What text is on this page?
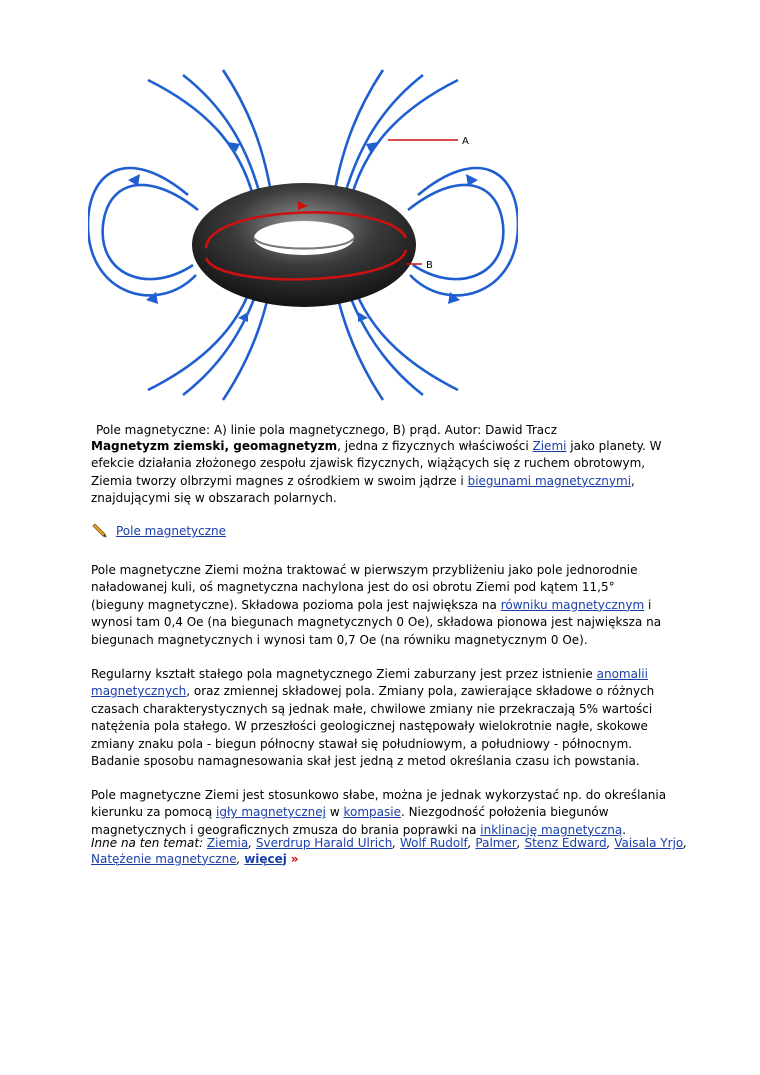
A
B
Pole magnetyczne: A) linie pola magnetycznego, B) prąd. Autor: Dawid Tracz

Magnetyzm ziemski, geomagnetyzm, jedna z fizycznych właściwości Ziemi jako planety. W efekcie działania złożonego zespołu zjawisk fizycznych, wiążących się z ruchem obrotowym, Ziemia tworzy olbrzymi magnes z ośrodkiem w swoim jądrze i biegunami magnetycznymi, znajdującymi się w obszarach polarnych.

Pole magnetyczne

Pole magnetyczne Ziemi można traktować w pierwszym przybliżeniu jako pole jednorodnie naładowanej kuli, oś magnetyczna nachylona jest do osi obrotu Ziemi pod kątem 11,5° (bieguny magnetyczne). Składowa pozioma pola jest największa na równiku magnetycznym i wynosi tam 0,4 Oe (na biegunach magnetycznych 0 Oe), składowa pionowa jest największa na biegunach magnetycznych i wynosi tam 0,7 Oe (na równiku magnetycznym 0 Oe).

Regularny kształt stałego pola magnetycznego Ziemi zaburzany jest przez istnienie anomalii magnetycznych, oraz zmiennej składowej pola. Zmiany pola, zawierające składowe o różnych czasach charakterystycznych są jednak małe, chwilowe zmiany nie przekraczają 5% wartości natężenia pola stałego. W przeszłości geologicznej następowały wielokrotnie nagłe, skokowe zmiany znaku pola - biegun północny stawał się południowym, a południowy - północnym. Badanie sposobu namagnesowania skał jest jedną z metod określania czasu ich powstania.

Pole magnetyczne Ziemi jest stosunkowo słabe, można je jednak wykorzystać np. do określania kierunku za pomocą igły magnetycznej w kompasie. Niezgodność położenia biegunów magnetycznych i geograficznych zmusza do brania poprawki na inklinację magnetyczną.

Inne na ten temat: Ziemia, Sverdrup Harald Ulrich, Wolf Rudolf, Palmer, Stenz Edward, Vaisala Yrjo, Natężenie magnetyczne, więcej »
